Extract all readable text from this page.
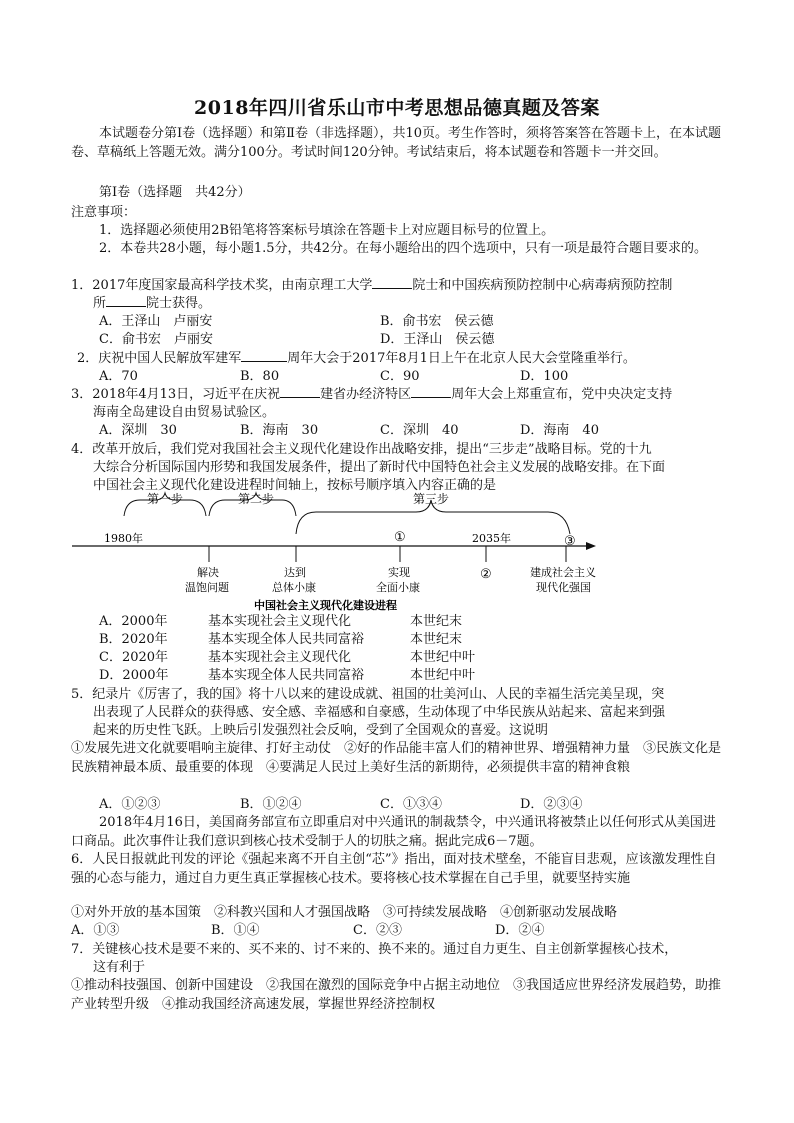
2018年四川省乐山市中考思想品德真题及答案
本试题卷分第Ⅰ卷（选择题）和第Ⅱ卷（非选择题），共10页。考生作答时，须将答案答在答题卡上，在本试题卷、草稿纸上答题无效。满分100分。考试时间120分钟。考试结束后，将本试题卷和答题卡一并交回。
第Ⅰ卷（选择题　共42分）
注意事项：
1．选择题必须使用2B铅笔将答案标号填涂在答题卡上对应题目标号的位置上。
2．本卷共28小题，每小题1.5分，共42分。在每小题给出的四个选项中，只有一项是最符合题目要求的。
1．2017年度国家最高科学技术奖，由南京理工大学	院士和中国疾病预防控制中心病毒病预防控制
所	院士获得。
A．王泽山　卢丽安	B．俞书宏　侯云德
C．俞书宏　卢丽安	D．王泽山　侯云德
2．庆祝中国人民解放军建军	周年大会于2017年8月1日上午在北京人民大会堂隆重举行。
A．70	B．80	C．90	D．100
3．2018年4月13日，习近平在庆祝	建省办经济特区	周年大会上郑重宣布，党中央决定支持
海南全岛建设自由贸易试验区。
A．深圳　30	B．海南　30	C．深圳　40	D．海南　40
4．改革开放后，我们党对我国社会主义现代化建设作出战略安排，提出“三步走”战略目标。党的十九
大综合分析国际国内形势和我国发展条件，提出了新时代中国特色社会主义发展的战略安排。在下面
中国社会主义现代化建设进程时间轴上，按标号顺序填入内容正确的是
第一步	第二步	第三步
1980年	2035年
①	③
解决
温饱问题
达到
总体小康
实现
全面小康
②	建成社会主义
现代化强国
中国社会主义现代化建设进程
A．2000年	基本实现社会主义现代化	本世纪末
B．2020年	基本实现全体人民共同富裕	本世纪末
C．2020年	基本实现社会主义现代化	本世纪中叶
D．2000年	基本实现全体人民共同富裕	本世纪中叶
5．纪录片《厉害了，我的国》将十八以来的建设成就、祖国的壮美河山、人民的幸福生活完美呈现，突
出表现了人民群众的获得感、安全感、幸福感和自豪感，生动体现了中华民族从站起来、富起来到强
起来的历史性飞跃。上映后引发强烈社会反响，受到了全国观众的喜爱。这说明
①发展先进文化就要唱响主旋律、打好主动仗　②好的作品能丰富人们的精神世界、增强精神力量　③民族文化是民族精神最本质、最重要的体现　④要满足人民过上美好生活的新期待，必须提供丰富的精神食粮
A．①②③	B．①②④	C．①③④	D．②③④
2018年4月16日，美国商务部宣布立即重启对中兴通讯的制裁禁令，中兴通讯将被禁止以任何形式从美国进口商品。此次事件让我们意识到核心技术受制于人的切肤之痛。据此完成6－7题。
6．人民日报就此刊发的评论《强起来离不开自主创“芯”》指出，面对技术壁垒，不能盲目悲观，应该激发理性自强的心态与能力，通过自力更生真正掌握核心技术。要将核心技术掌握在自己手里，就要坚持实施
①对外开放的基本国策　②科教兴国和人才强国战略　③可持续发展战略　④创新驱动发展战略
A．①③	B．①④	C．②③	D．②④
7．关键核心技术是要不来的、买不来的、讨不来的、换不来的。通过自力更生、自主创新掌握核心技术，
这有利于
①推动科技强国、创新中国建设　②我国在激烈的国际竞争中占据主动地位　③我国适应世界经济发展趋势，助推产业转型升级　④推动我国经济高速发展，掌握世界经济控制权
